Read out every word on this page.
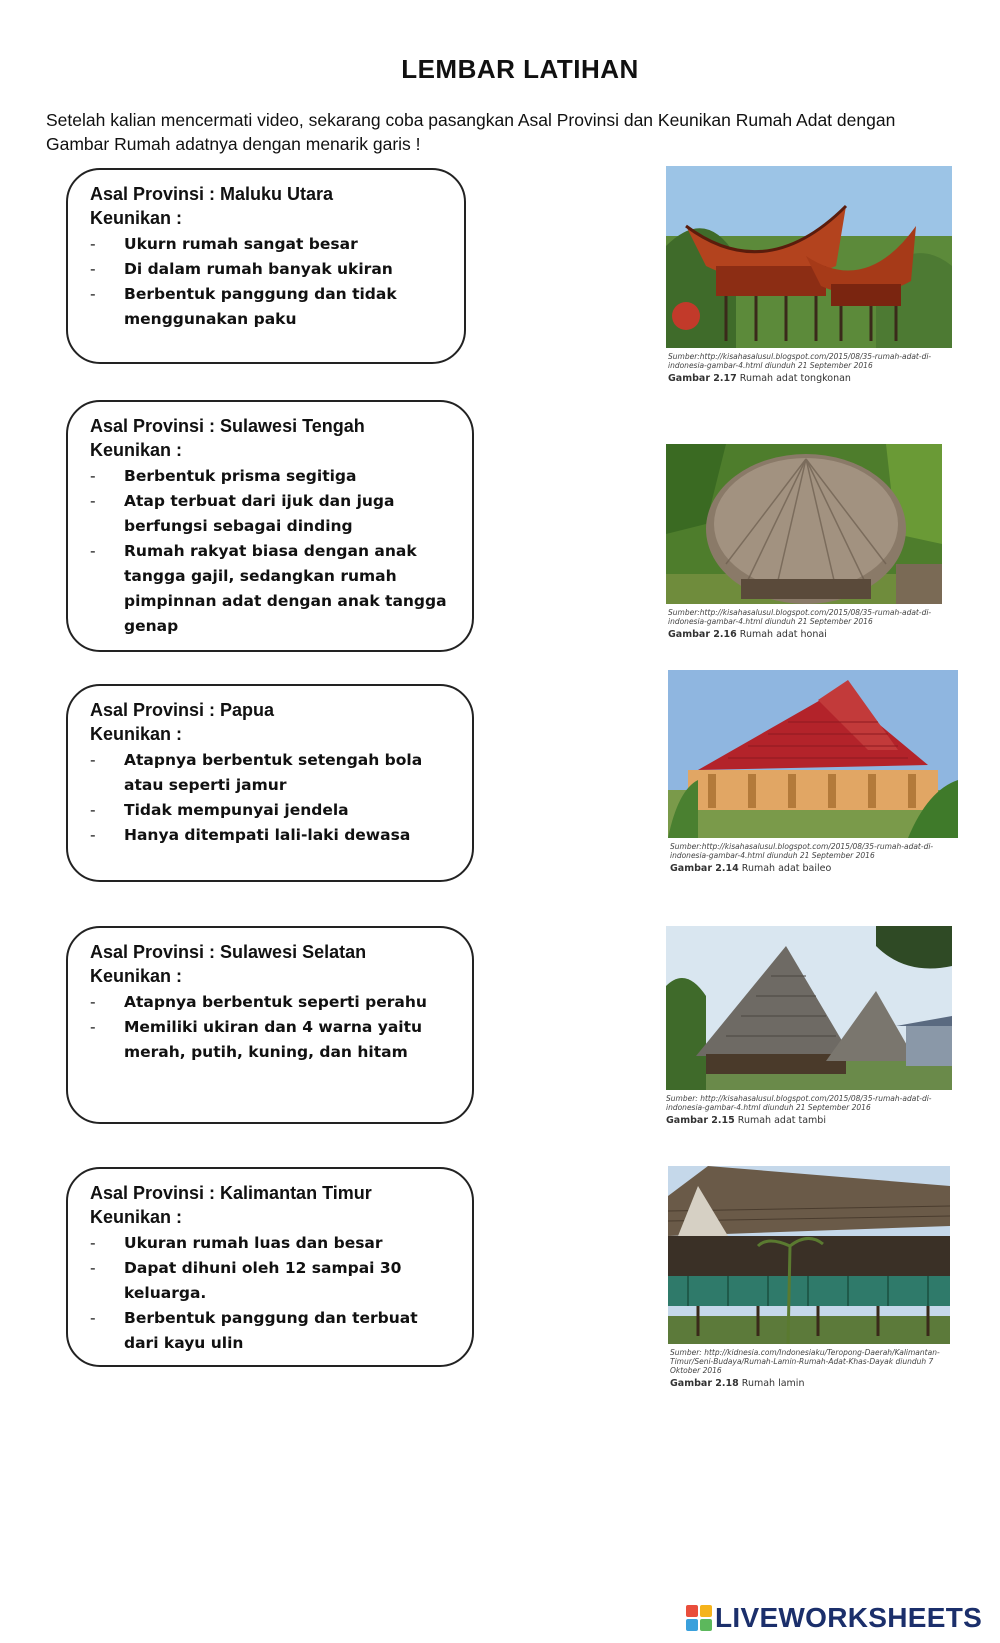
LEMBAR LATIHAN
Setelah kalian mencermati video, sekarang coba pasangkan Asal Provinsi dan Keunikan Rumah Adat dengan Gambar Rumah adatnya dengan menarik garis !
Asal Provinsi : Maluku Utara
Keunikan :
- Ukurn rumah sangat besar
- Di dalam rumah banyak ukiran
- Berbentuk panggung dan tidak menggunakan paku
Asal Provinsi : Sulawesi Tengah
Keunikan :
- Berbentuk prisma segitiga
- Atap terbuat dari ijuk dan juga berfungsi sebagai dinding
- Rumah rakyat biasa dengan anak tangga gajil, sedangkan rumah pimpinnan adat dengan anak tangga genap
Asal Provinsi : Papua
Keunikan :
- Atapnya berbentuk setengah bola atau seperti jamur
- Tidak mempunyai jendela
- Hanya ditempati lali-laki dewasa
Asal Provinsi : Sulawesi Selatan
Keunikan :
- Atapnya berbentuk seperti perahu
- Memiliki ukiran dan 4 warna yaitu merah, putih, kuning, dan hitam
Asal Provinsi : Kalimantan Timur
Keunikan :
- Ukuran rumah luas dan besar
- Dapat dihuni oleh 12 sampai 30 keluarga.
- Berbentuk panggung dan terbuat dari kayu ulin
Sumber:http://kisahasalusul.blogspot.com/2015/08/35-rumah-adat-di-indonesia-gambar-4.html diunduh 21 September 2016
Gambar 2.17 Rumah adat tongkonan
Sumber:http://kisahasalusul.blogspot.com/2015/08/35-rumah-adat-di-indonesia-gambar-4.html diunduh 21 September 2016
Gambar 2.16 Rumah adat honai
Sumber:http://kisahasalusul.blogspot.com/2015/08/35-rumah-adat-di-indonesia-gambar-4.html diunduh 21 September 2016
Gambar 2.14 Rumah adat baileo
Sumber: http://kisahasalusul.blogspot.com/2015/08/35-rumah-adat-di-indonesia-gambar-4.html diunduh 21 September 2016
Gambar 2.15 Rumah adat tambi
Sumber: http://kidnesia.com/Indonesiaku/Teropong-Daerah/Kalimantan-Timur/Seni-Budaya/Rumah-Lamin-Rumah-Adat-Khas-Dayak diunduh 7 Oktober 2016
Gambar 2.18 Rumah lamin
LIVEWORKSHEETS
